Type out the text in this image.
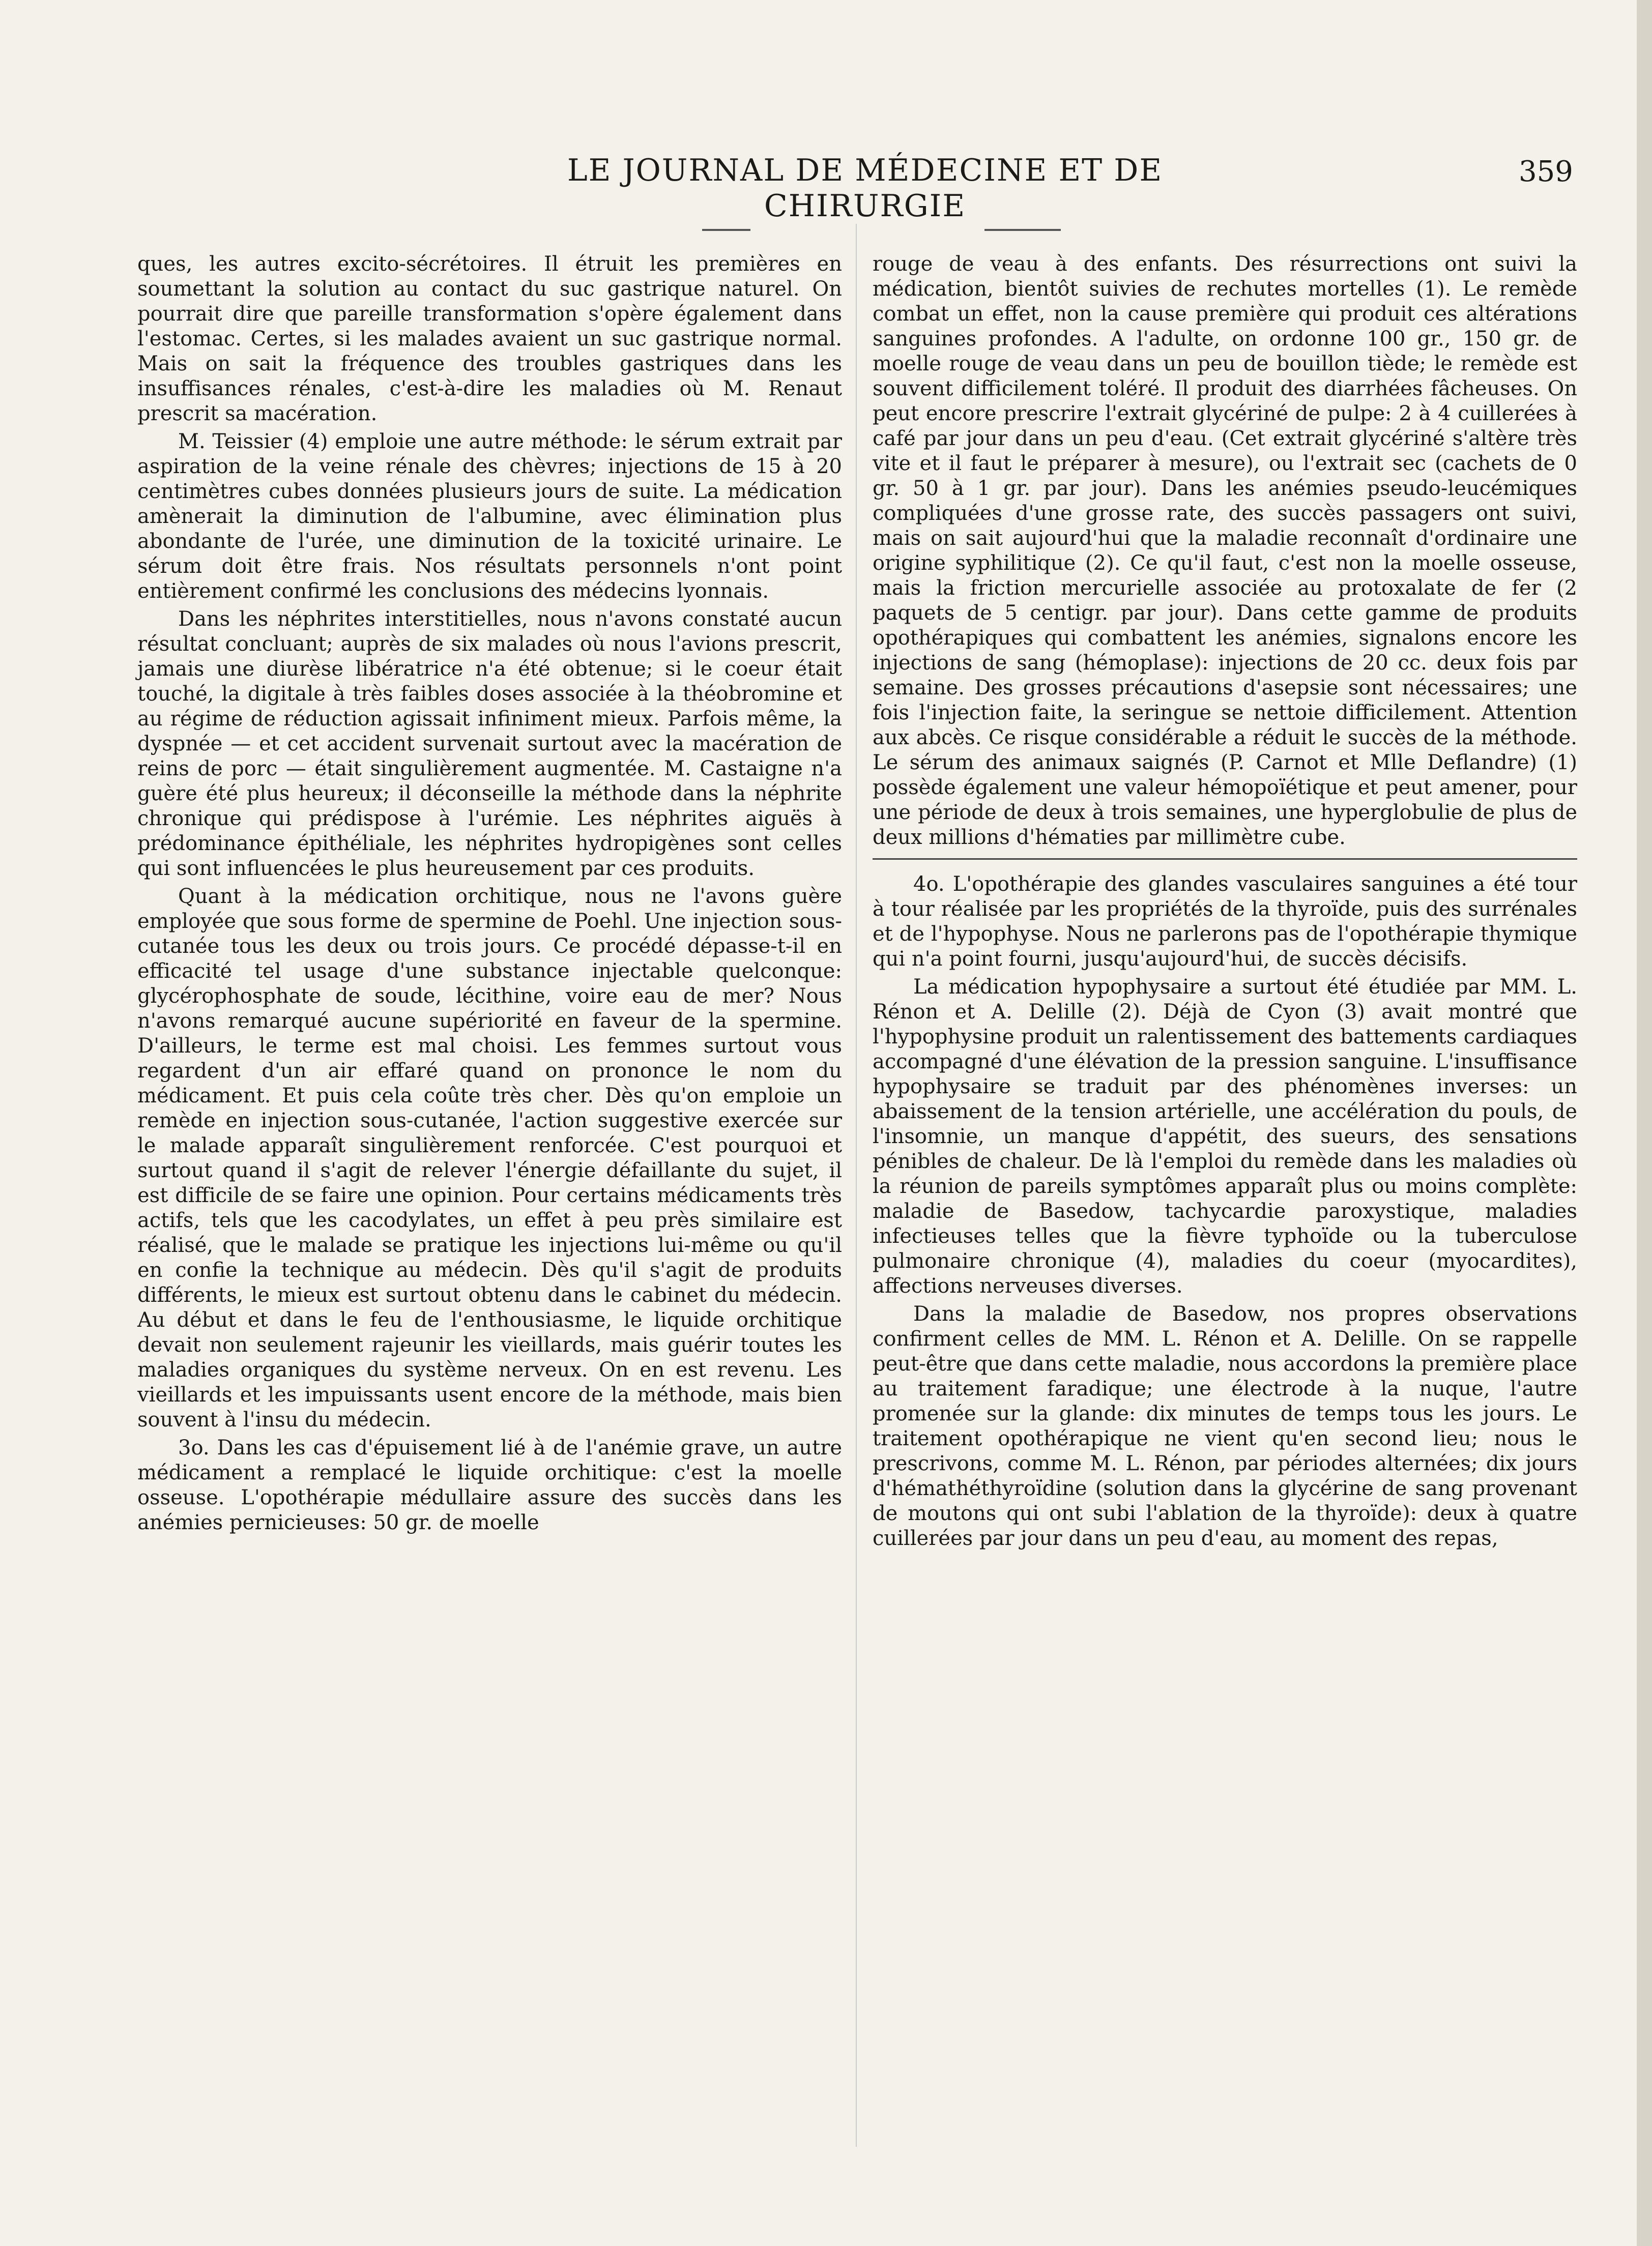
LE JOURNAL DE MÉDECINE ET DE CHIRURGIE
359

ques, les autres excito-sécrétoires. Il étruit les premières en soumettant la solution au contact du suc gastrique naturel. On pourrait dire que pareille transformation s'opère également dans l'estomac. Certes, si les malades avaient un suc gastrique normal. Mais on sait la fréquence des troubles gastriques dans les insuffisances rénales, c'est-à-dire les maladies où M. Renaut prescrit sa macération.

M. Teissier (4) emploie une autre méthode: le sérum extrait par aspiration de la veine rénale des chèvres; injections de 15 à 20 centimètres cubes données plusieurs jours de suite. La médication amènerait la diminution de l'albumine, avec élimination plus abondante de l'urée, une diminution de la toxicité urinaire. Le sérum doit être frais. Nos résultats personnels n'ont point entièrement confirmé les conclusions des médecins lyonnais.

Dans les néphrites interstitielles, nous n'avons constaté aucun résultat concluant; auprès de six malades où nous l'avions prescrit, jamais une diurèse libératrice n'a été obtenue; si le coeur était touché, la digitale à très faibles doses associée à la théobromine et au régime de réduction agissait infiniment mieux. Parfois même, la dyspnée — et cet accident survenait surtout avec la macération de reins de porc — était singulièrement augmentée. M. Castaigne n'a guère été plus heureux; il déconseille la méthode dans la néphrite chronique qui prédispose à l'urémie. Les néphrites aiguës à prédominance épithéliale, les néphrites hydropigènes sont celles qui sont influencées le plus heureusement par ces produits.

Quant à la médication orchitique, nous ne l'avons guère employée que sous forme de spermine de Poehl. Une injection sous-cutanée tous les deux ou trois jours. Ce procédé dépasse-t-il en efficacité tel usage d'une substance injectable quelconque: glycérophosphate de soude, lécithine, voire eau de mer? Nous n'avons remarqué aucune supériorité en faveur de la spermine. D'ailleurs, le terme est mal choisi. Les femmes surtout vous regardent d'un air effaré quand on prononce le nom du médicament. Et puis cela coûte très cher. Dès qu'on emploie un remède en injection sous-cutanée, l'action suggestive exercée sur le malade apparaît singulièrement renforcée. C'est pourquoi et surtout quand il s'agit de relever l'énergie défaillante du sujet, il est difficile de se faire une opinion. Pour certains médicaments très actifs, tels que les cacodylates, un effet à peu près similaire est réalisé, que le malade se pratique les injections lui-même ou qu'il en confie la technique au médecin. Dès qu'il s'agit de produits différents, le mieux est surtout obtenu dans le cabinet du médecin. Au début et dans le feu de l'enthousiasme, le liquide orchitique devait non seulement rajeunir les vieillards, mais guérir toutes les maladies organiques du système nerveux. On en est revenu. Les vieillards et les impuissants usent encore de la méthode, mais bien souvent à l'insu du médecin.

3o. Dans les cas d'épuisement lié à de l'anémie grave, un autre médicament a remplacé le liquide orchitique: c'est la moelle osseuse. L'opothérapie médullaire assure des succès dans les anémies pernicieuses: 50 gr. de moelle

rouge de veau à des enfants. Des résurrections ont suivi la médication, bientôt suivies de rechutes mortelles (1). Le remède combat un effet, non la cause première qui produit ces altérations sanguines profondes. A l'adulte, on ordonne 100 gr., 150 gr. de moelle rouge de veau dans un peu de bouillon tiède; le remède est souvent difficilement toléré. Il produit des diarrhées fâcheuses. On peut encore prescrire l'extrait glycériné de pulpe: 2 à 4 cuillerées à café par jour dans un peu d'eau. (Cet extrait glycériné s'altère très vite et il faut le préparer à mesure), ou l'extrait sec (cachets de 0 gr. 50 à 1 gr. par jour). Dans les anémies pseudo-leucémiques compliquées d'une grosse rate, des succès passagers ont suivi, mais on sait aujourd'hui que la maladie reconnaît d'ordinaire une origine syphilitique (2). Ce qu'il faut, c'est non la moelle osseuse, mais la friction mercurielle associée au protoxalate de fer (2 paquets de 5 centigr. par jour). Dans cette gamme de produits opothérapiques qui combattent les anémies, signalons encore les injections de sang (hémoplase): injections de 20 cc. deux fois par semaine. Des grosses précautions d'asepsie sont nécessaires; une fois l'injection faite, la seringue se nettoie difficilement. Attention aux abcès. Ce risque considérable a réduit le succès de la méthode. Le sérum des animaux saignés (P. Carnot et Mlle Deflandre) (1) possède également une valeur hémopoïétique et peut amener, pour une période de deux à trois semaines, une hyperglobulie de plus de deux millions d'hématies par millimètre cube.

4o. L'opothérapie des glandes vasculaires sanguines a été tour à tour réalisée par les propriétés de la thyroïde, puis des surrénales et de l'hypophyse. Nous ne parlerons pas de l'opothérapie thymique qui n'a point fourni, jusqu'aujourd'hui, de succès décisifs.

La médication hypophysaire a surtout été étudiée par MM. L. Rénon et A. Delille (2). Déjà de Cyon (3) avait montré que l'hypophysine produit un ralentissement des battements cardiaques accompagné d'une élévation de la pression sanguine. L'insuffisance hypophysaire se traduit par des phénomènes inverses: un abaissement de la tension artérielle, une accélération du pouls, de l'insomnie, un manque d'appétit, des sueurs, des sensations pénibles de chaleur. De là l'emploi du remède dans les maladies où la réunion de pareils symptômes apparaît plus ou moins complète: maladie de Basedow, tachycardie paroxystique, maladies infectieuses telles que la fièvre typhoïde ou la tuberculose pulmonaire chronique (4), maladies du coeur (myocardites), affections nerveuses diverses.

Dans la maladie de Basedow, nos propres observations confirment celles de MM. L. Rénon et A. Delille. On se rappelle peut-être que dans cette maladie, nous accordons la première place au traitement faradique; une électrode à la nuque, l'autre promenée sur la glande: dix minutes de temps tous les jours. Le traitement opothérapique ne vient qu'en second lieu; nous le prescrivons, comme M. L. Rénon, par périodes alternées; dix jours d'hémathéthyroïdine (solution dans la glycérine de sang provenant de moutons qui ont subi l'ablation de la thyroïde): deux à quatre cuillerées par jour dans un peu d'eau, au moment des repas,
